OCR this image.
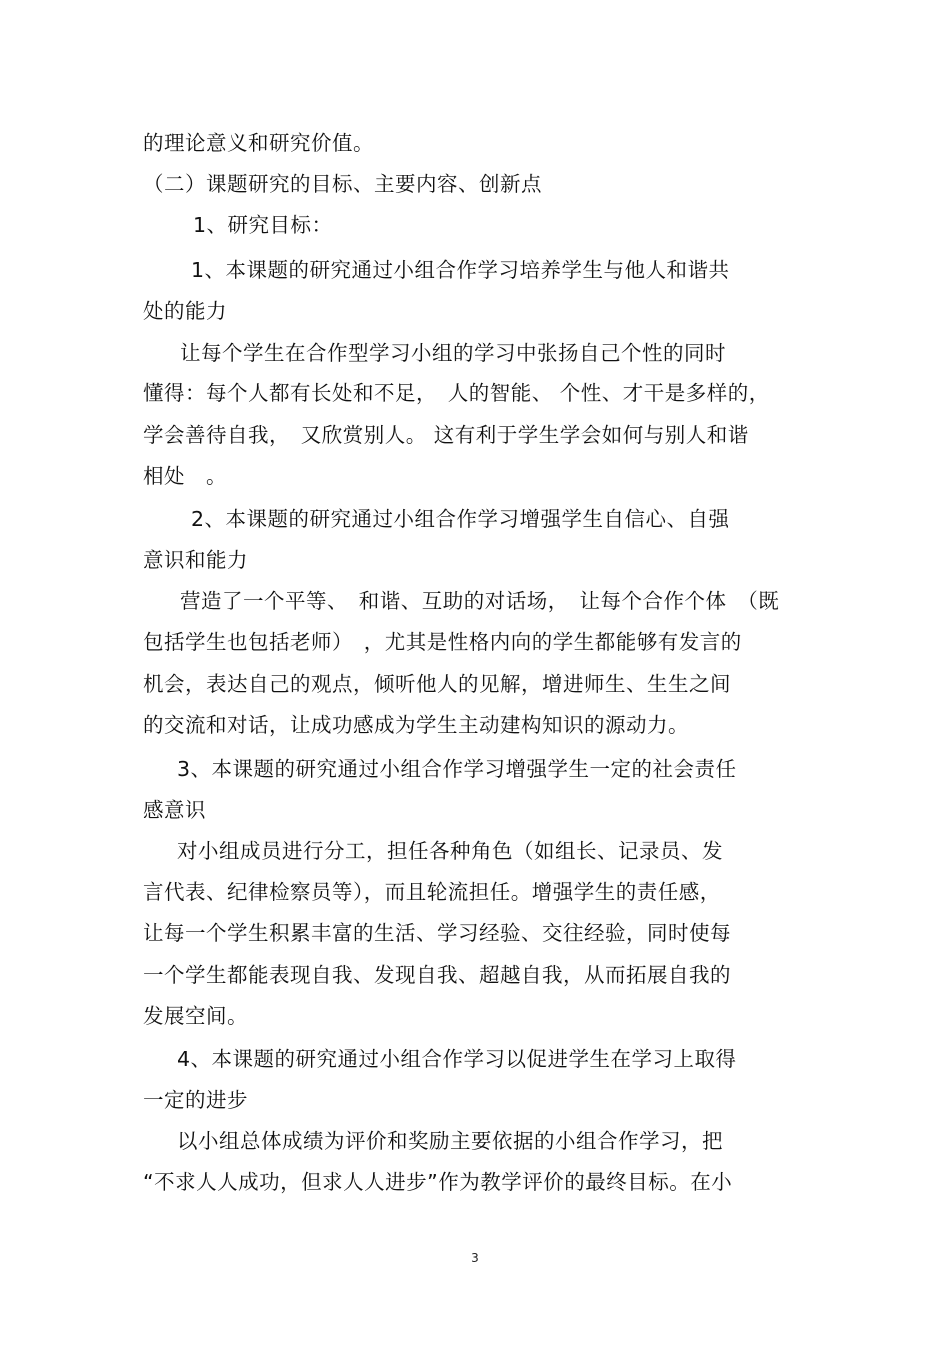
的理论意义和研究价值。
（二）课题研究的目标、主要内容、创新点
1、研究目标：
1、本课题的研究通过小组合作学习培养学生与他人和谐共
处的能力
让每个学生在合作型学习小组的学习中张扬自己个性的同时
懂得：每个人都有长处和不足，　人的智能、 个性、才干是多样的，
学会善待自我，　又欣赏别人。 这有利于学生学会如何与别人和谐
相处　。
2、本课题的研究通过小组合作学习增强学生自信心、自强
意识和能力
营造了一个平等、　和谐、互助的对话场，　让每个合作个体　（既
包括学生也包括老师）　，尤其是性格内向的学生都能够有发言的
机会，表达自己的观点，倾听他人的见解，增进师生、生生之间
的交流和对话，让成功感成为学生主动建构知识的源动力。
3、本课题的研究通过小组合作学习增强学生一定的社会责任
感意识
对小组成员进行分工，担任各种角色（如组长、记录员、发
言代表、纪律检察员等），而且轮流担任。增强学生的责任感，
让每一个学生积累丰富的生活、学习经验、交往经验，同时使每
一个学生都能表现自我、发现自我、超越自我，从而拓展自我的
发展空间。
4、本课题的研究通过小组合作学习以促进学生在学习上取得
一定的进步
以小组总体成绩为评价和奖励主要依据的小组合作学习，把
“不求人人成功，但求人人进步”作为教学评价的最终目标。在小
3
